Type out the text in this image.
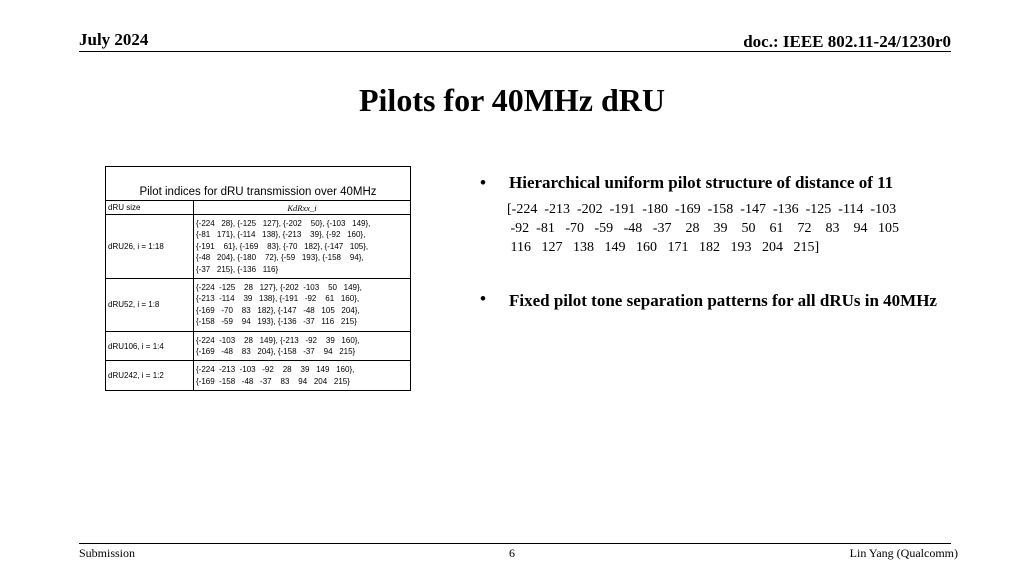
July 2024	doc.: IEEE 802.11-24/1230r0
Pilots for 40MHz dRU
Pilot indices for dRU transmission over 40MHz	
dRU size	KdRxx_i
dRU26, i = 1:18	{-224   28}, {-125   127}, {-202    50}, {-103   149},
{-81   171}, {-114   138}, {-213    39}, {-92   160},
{-191    61}, {-169    83}, {-70   182}, {-147   105},
{-48   204}, {-180    72}, {-59   193}, {-158    94},
{-37   215}, {-136   116}

dRU52, i = 1:8	{-224  -125    28   127}, {-202  -103    50   149},
{-213  -114    39   138}, {-191   -92    61   160},
{-169   -70    83   182}, {-147   -48   105   204},
{-158   -59    94   193}, {-136   -37   116   215}

dRU106, i = 1:4	{-224  -103    28   149}, {-213   -92    39   160},
{-169   -48    83   204}, {-158   -37    94   215}

dRU242, i = 1:2	{-224  -213  -103   -92    28    39   149   160},
{-169  -158   -48   -37    83    94   204   215}
• Hierarchical uniform pilot structure of distance of 11
[-224  -213  -202  -191  -180  -169  -158  -147  -136  -125  -114  -103
-92  -81   -70   -59   -48   -37    28    39    50    61    72    83    94   105
116   127   138   149   160   171   182   193   204   215]
• Fixed pilot tone separation patterns for all dRUs in 40MHz
Submission	6	Lin Yang (Qualcomm)
